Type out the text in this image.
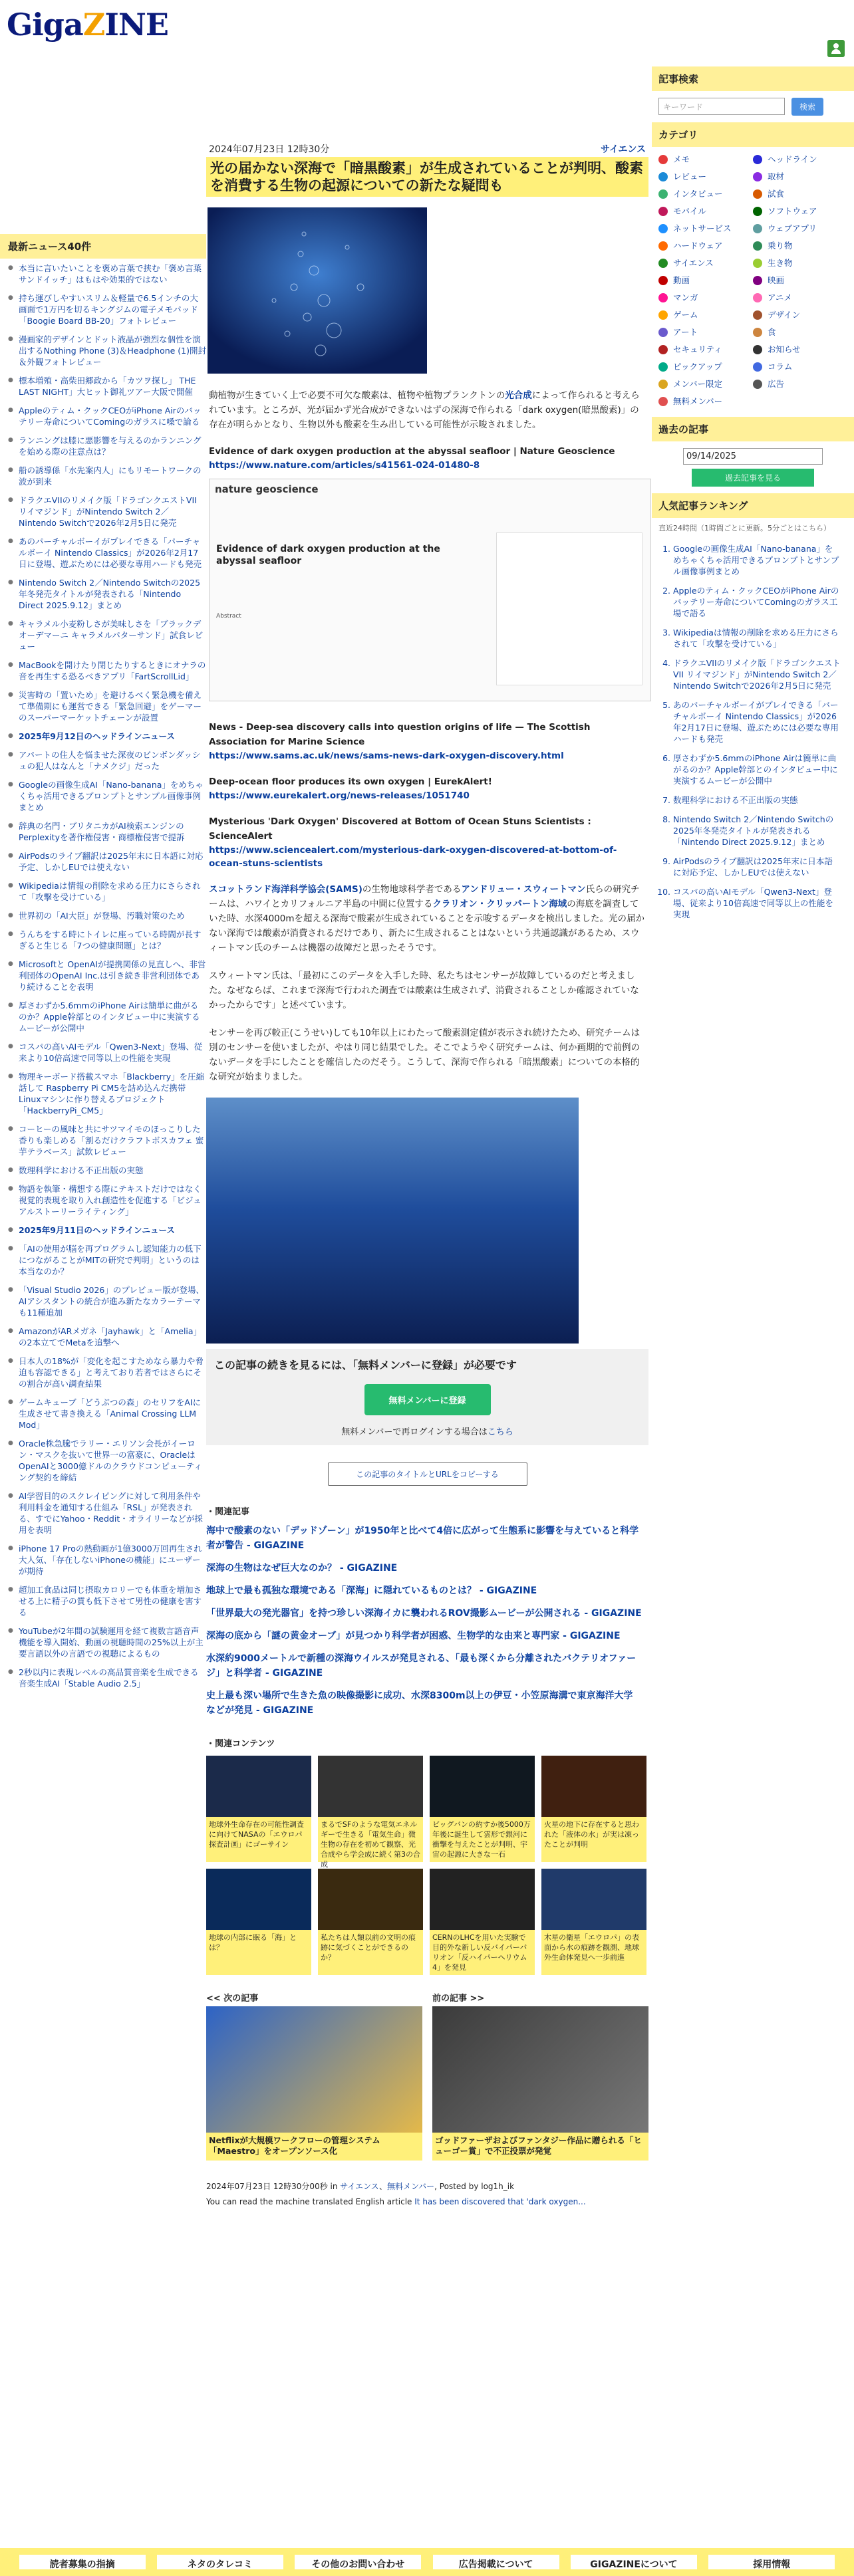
GigaZINE
最新ニュース40件
● 本当に言いたいことを褒め言葉で挟む「褒め言葉サンドイッチ」はもはや効果的ではない
● 持ち運びしやすいスリム＆軽量で6.5インチの大画面で1万円を切るキングジムの電子メモパッド「Boogie Board BB-20」フォトレビュー
● 漫画家的デザインとドット液晶が強烈な個性を演出するNothing Phone (3)＆Headphone (1)開封＆外観フォトレビュー
● 標本増殖・高柴田郷政から「カツヲ探し」 THE LAST NIGHT」大ヒット御礼ツアー大阪で開催
● Appleのティム・クックCEOがiPhone Airのバッテリー寿命についてComingのガラスに嗓で論る
● ランニングは膝に悪影響を与えるのかランニングを始める際の注意点は？
● 船の誘導係「水先案内人」にもリモートワークの波が到来
● ドラクエVIIのリメイク版「ドラゴンクエストVII リイマジンド」がNintendo Switch 2／Nintendo Switchで2026年2月5日に発売
● あのパーチャルボーイがプレイできる「パーチャルボーイ Nintendo Classics」が2026年2月17日に登場、遊ぶためには必要な専用ハードも発売
● Nintendo Switch 2／Nintendo Switchの2025年冬発売タイトルが発表される「Nintendo Direct 2025.9.12」まとめ
● キャラメル小麦粉しさが美味しさを「ブラックデオーデマーニ キャラメルパターサンド」試食レビュー
● MacBookを開けたり閉じたりするときにオナラの音を再生する恐るべきアプリ「FartScrollLid」
● 災害時の「置いため」を避けるべく緊急機を備えて準備期にも運営できる「緊急回避」をゲーマーのスーパーマーケットチェーンが設置
● 2025年9月12日のヘッドラインニュース
● アパートの住人を悩ませた深夜のビンボンダッシュの犯人はなんと「ナメクジ」だった
● Googleの画像生成AI「Nano-banana」をめちゃくちゃ活用できるプロンプトとサンプル画像事例まとめ
● 辞典の名門・ブリタニカがAI検索エンジンのPerplexityを著作権侵害・商標権侵害で提訴
● AirPodsのライブ翻訳は2025年末に日本語に対応予定、しかしEUでは使えない
● Wikipediaは情報の削除を求める圧力にさらされて「攻撃を受けている」
● 世界初の「AI大臣」が登場、汚職対策のため
● うんちをする時にトイレに座っている時間が長すぎると生じる「7つの健康問題」とは？
● Microsoftと OpenAIが提携関係の見直しへ、非営利団体のOpenAI Inc.は引き続き非営利団体であり続けることを表明
● 厚さわずか5.6mmのiPhone Airは簡単に曲がるのか？Apple幹部とのインタビュー中に実演するムービーが公開中
● コスパの高いAIモデル「Qwen3-Next」登場、従来より10倍高速で同等以上の性能を実現
● 物理キーボード搭載スマホ「Blackberry」を圧縮話して Raspberry Pi CM5を詰め込んだ携帯Linuxマシンに作り替えるプロジェクト「HackberryPi_CM5」
● コーヒーの風味と共にサツマイモのほっこりした香りも楽しめる「割るだけクラフトボスカフェ 蜜芋テラベース」試飲レビュー
● 数理科学における不正出版の実態
● 物語を執筆・構想する際にテキストだけではなく視覚的表現を取り入れ創造性を促進する「ビジュアルストーリーライティング」
● 2025年9月11日のヘッドラインニュース
● 「AIの使用が脳を再プログラムし認知能力の低下につながることがMITの研究で判明」というのは本当なのか？
● 「Visual Studio 2026」のプレビュー版が登場、AIアシスタントの統合が進み新たなカラーテーマも11種追加
● AmazonがARメガネ「Jayhawk」と「Amelia」の2本立てでMetaを追撃へ
● 日本人の18%が「変化を起こすためなら暴力や脅迫も容認できる」と考えており若者ではさらにその割合が高い調査結果
● ゲームキューブ「どうぶつの森」のセリフをAIに生成させて書き換える「Animal Crossing LLM Mod」
● Oracle株急騰でラリー・エリソン会長がイーロン・マスクを抜いて世界一の富豪に、OracleはOpenAIと3000億ドルのクラウドコンピューティング契約を締結
● AI学習目的のスクレイピングに対して利用条件や利用料金を通知する仕組み「RSL」が発表される、すでにYahoo・Reddit・オライリーなどが採用を表明
● iPhone 17 Proの熱動画が1億3000万回再生され大人気、「存在しないiPhoneの機能」にユーザーが期待
● 超加工食品は同じ摂取カロリーでも体重を増加させる上に精子の質も低下させて男性の健康を害する
● YouTubeが2年間の試験運用を経て複数言語音声機能を導入開始、動画の視聴時間の25%以上が主要言語以外の言語での視聴によるもの
● 2秒以内に表現レベルの高品質音楽を生成できる音楽生成AI「Stable Audio 2.5」
2024年07月23日 12時30分	サイエンス
光の届かない深海で「暗黒酸素」が生成されていることが判明、酸素を消費する生物の起源についての新たな疑問も

動植物が生きていく上で必要不可欠な酸素は、植物や植物プランクトンの光合成によって作られると考えられています。ところが、光が届かず光合成ができないはずの深海で作られる「dark oxygen(暗黒酸素)」の存在が明らかとなり、生物以外も酸素を生み出している可能性が示唆されました。

Evidence of dark oxygen production at the abyssal seafloor | Nature Geoscience

https://www.nature.com/articles/s41561-024-01480-8
nature geoscience
Evidence of dark oxygen production at the abyssal seafloor
Abstract

News - Deep-sea discovery calls into question origins of life — The Scottish Association for Marine Science

https://www.sams.ac.uk/news/sams-news-dark-oxygen-discovery.html

Deep-ocean floor produces its own oxygen | EurekAlert!

https://www.eurekalert.org/news-releases/1051740

Mysterious 'Dark Oxygen' Discovered at Bottom of Ocean Stuns Scientists : ScienceAlert

https://www.sciencealert.com/mysterious-dark-oxygen-discovered-at-bottom-of-ocean-stuns-scientists

スコットランド海洋科学協会(SAMS)の生物地球科学者であるアンドリュー・スウィートマン氏らの研究チームは、ハワイとカリフォルニア半島の中間に位置するクラリオン・クリッパートン海域の海底を調査していた時、水深4000mを超える深海で酸素が生成されていることを示唆するデータを検出しました。光の届かない深海では酸素が消費されるだけであり、新たに生成されることはないという共通認識があるため、スウィートマン氏のチームは機器の故障だと思ったそうです。

スウィートマン氏は、「最初にこのデータを入手した時、私たちはセンサーが故障しているのだと考えました。なぜならば、これまで深海で行われた調査では酸素は生成されず、消費されることしか確認されていなかったからです」と述べています。

センサーを再び較正(こうせい)しても10年以上にわたって酸素測定値が表示され続けたため、研究チームは別のセンサーを使いましたが、やはり同じ結果でした。そこでようやく研究チームは、何か画期的で前例のないデータを手にしたことを確信したのだそう。こうして、深海で作られる「暗黒酸素」についての本格的な研究が始まりました。

この記事の続きを見るには、「無料メンバーに登録」が必要です
無料メンバーに登録
無料メンバーで再ログインする場合はこちら
この記事のタイトルとURLをコピーする
・関連記事
海中で酸素のない「デッドゾーン」が1950年と比べて4倍に広がって生態系に影響を与えていると科学者が警告 - GIGAZINE
深海の生物はなぜ巨大なのか？ - GIGAZINE
地球上で最も孤独な環境である「深海」に隠れているものとは？ - GIGAZINE
「世界最大の発光器官」を持つ珍しい深海イカに襲われるROV撮影ムービーが公開される - GIGAZINE
深海の底から「謎の黄金オーブ」が見つかり科学者が困惑、生物学的な由来と専門家 - GIGAZINE
水深約9000メートルで新種の深海ウイルスが発見される、「最も深くから分離されたバクテリオファージ」と科学者 - GIGAZINE
史上最も深い場所で生きた魚の映像撮影に成功、水深8300m以上の伊豆・小笠原海溝で東京海洋大学などが発見 - GIGAZINE
・関連コンテンツ
地球外生命存在の可能性調査に向けてNASAの「エウロパ探査計画」にゴーサイン
まるでSFのような電気エネルギーで生きる「電気生命」微生物の存在を初めて観察、光合成やら学会成に続く第3の合成
ビッグバンの約すか後5000万年後に誕生して雲形で銀河に衝撃を与えたことが判明、宇宙の起源に大きな一石
火星の地下に存在すると思われた「液体の水」が実は凍ったことが判明
地球の内部に眠る「海」とは？
私たちは人類以前の文明の痕跡に気づくことができるのか？
CERNのLHCを用いた実験で目的外な新しい反バイパーバリオン「反ハイパーヘリウム4」を発見
木星の衛星「エウロパ」の表面から水の痕跡を観測、地球外生命体発見へ一歩前進
<< 次の記事
Netflixが大規模ワークフローの管理システム「Maestro」をオープンソース化
前の記事 >>
ゴッドファーザおよびファンタジー作品に贈られる「ヒューゴー賞」で不正投票が発覚
2024年07月23日 12時30分00秒 in サイエンス、無料メンバー, Posted by log1h_ik
You can read the machine translated English article It has been discovered that 'dark oxygen...
記事検索
キーワード	検索
カテゴリ
メモ	ヘッドライン
レビュー	取材
インタビュー	試食
モバイル	ソフトウェア
ネットサービス	ウェブアプリ
ハードウェア	乗り物
サイエンス	生き物
動画	映画
マンガ	アニメ
ゲーム	デザイン
アート	食
セキュリティ	お知らせ
ピックアップ	コラム
メンバー限定	広告
無料メンバー
過去の記事
09/14/2025
過去記事を見る
人気記事ランキング
直近24時間（1時間ごとに更新。5分ごとはこちら）
1. Googleの画像生成AI「Nano-banana」をめちゃくちゃ活用できるプロンプトとサンプル画像事例まとめ
2. Appleのティム・クックCEOがiPhone Airのバッテリー寿命についてComingのガラス工場で語る
3. Wikipediaは情報の削除を求める圧力にさらされて「攻撃を受けている」
4. ドラクエVIIのリメイク版「ドラゴンクエストVII リイマジンド」がNintendo Switch 2／Nintendo Switchで2026年2月5日に発売
5. あのバーチャルボーイがプレイできる「バーチャルボーイ Nintendo Classics」が2026年2月17日に登場、遊ぶためには必要な専用ハードも発売
6. 厚さわずか5.6mmのiPhone Airは簡単に曲がるのか？Apple幹部とのインタビュー中に実演するムービーが公開中
7. 数理科学における不正出版の実態
8. Nintendo Switch 2／Nintendo Switchの2025年冬発売タイトルが発表される「Nintendo Direct 2025.9.12」まとめ
9. AirPodsのライブ翻訳は2025年末に日本語に対応予定、しかしEUでは使えない
10. コスパの高いAIモデル「Qwen3-Next」登場、従来より10倍高速で同等以上の性能を実現
読者募集の指摘	ネタのタレコミ	その他のお問い合わせ	広告掲載について	GIGAZINEについて	採用情報
